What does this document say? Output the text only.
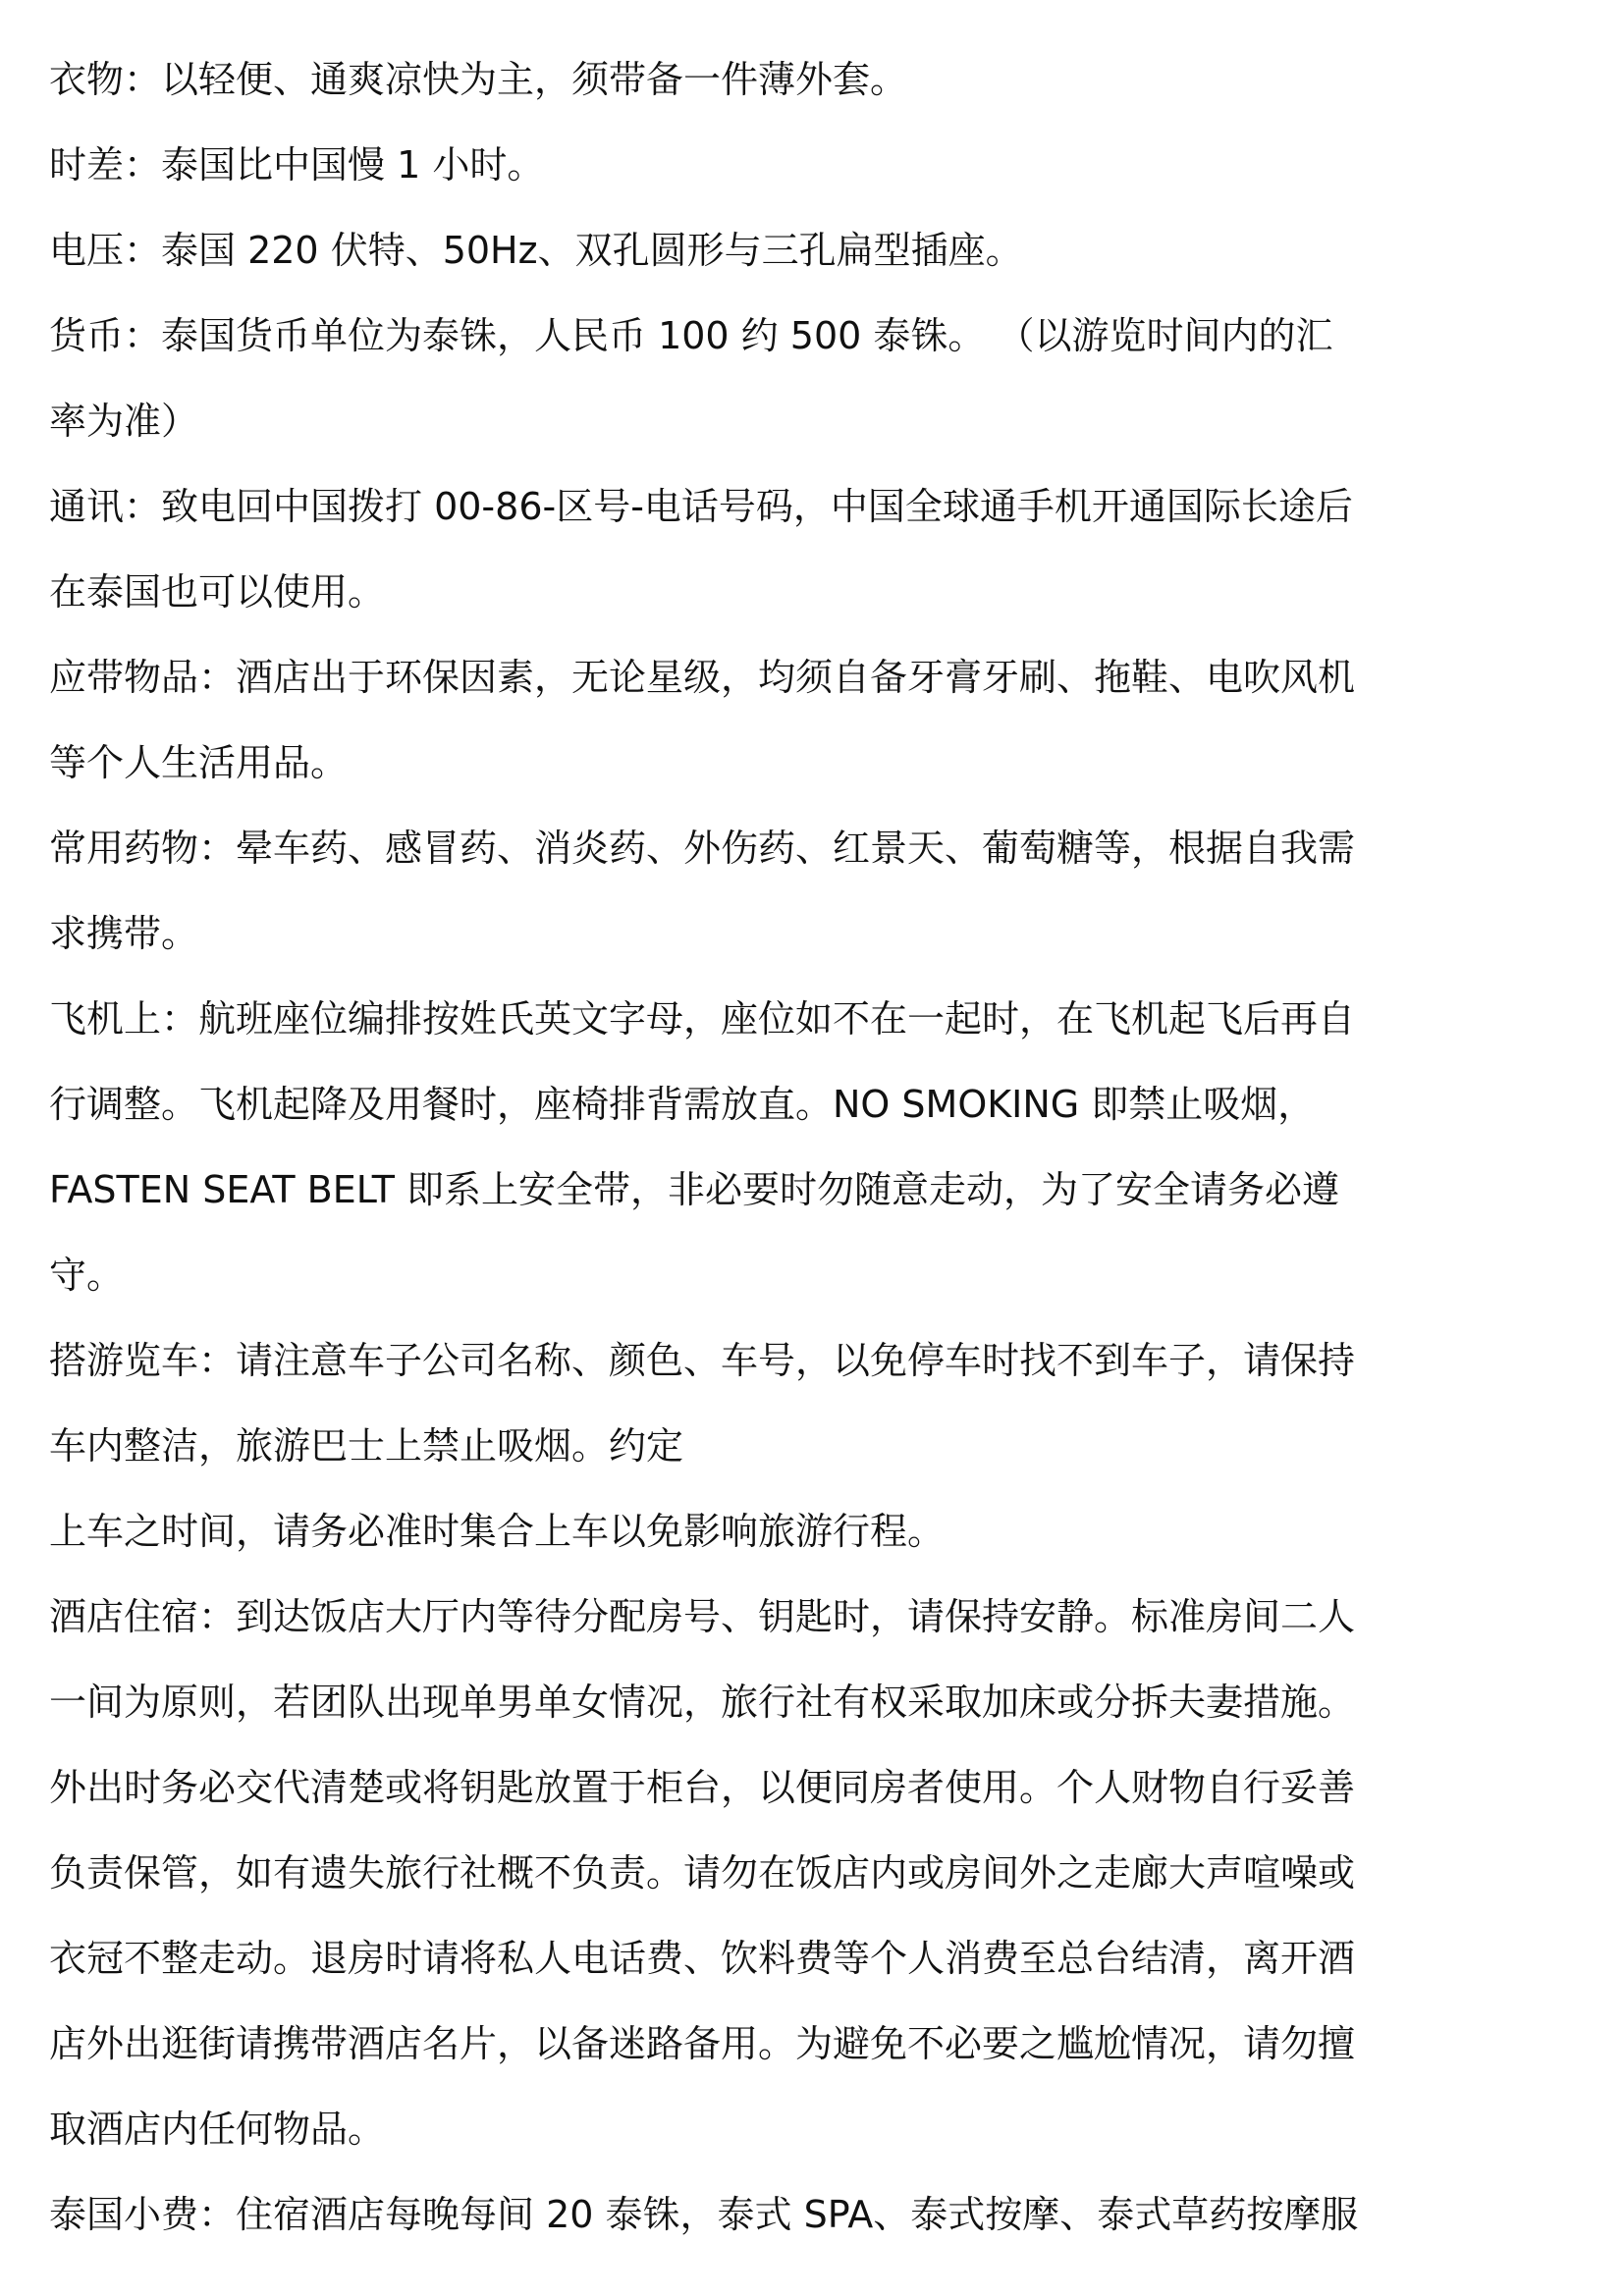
衣物：以轻便、通爽凉快为主，须带备一件薄外套。
时差：泰国比中国慢 1 小时。
电压：泰国 220 伏特、50Hz、双孔圆形与三孔扁型插座。
货币：泰国货币单位为泰铢，人民币 100 约 500 泰铢。 （以游览时间内的汇
率为准）
通讯：致电回中国拨打 00-86-区号-电话号码，中国全球通手机开通国际长途后
在泰国也可以使用。
应带物品：酒店出于环保因素，无论星级，均须自备牙膏牙刷、拖鞋、电吹风机
等个人生活用品。
常用药物：晕车药、感冒药、消炎药、外伤药、红景天、葡萄糖等，根据自我需
求携带。
飞机上：航班座位编排按姓氏英文字母，座位如不在一起时，在飞机起飞后再自
行调整。飞机起降及用餐时，座椅排背需放直。NO SMOKING 即禁止吸烟，
FASTEN SEAT BELT 即系上安全带，非必要时勿随意走动，为了安全请务必遵
守。
搭游览车：请注意车子公司名称、颜色、车号，以免停车时找不到车子，请保持
车内整洁，旅游巴士上禁止吸烟。约定
上车之时间，请务必准时集合上车以免影响旅游行程。
酒店住宿：到达饭店大厅内等待分配房号、钥匙时，请保持安静。标准房间二人
一间为原则，若团队出现单男单女情况，旅行社有权采取加床或分拆夫妻措施。
外出时务必交代清楚或将钥匙放置于柜台，以便同房者使用。个人财物自行妥善
负责保管，如有遗失旅行社概不负责。请勿在饭店内或房间外之走廊大声喧噪或
衣冠不整走动。退房时请将私人电话费、饮料费等个人消费至总台结清，离开酒
店外出逛街请携带酒店名片，以备迷路备用。为避免不必要之尴尬情况，请勿擅
取酒店内任何物品。
泰国小费：住宿酒店每晚每间 20 泰铢，泰式 SPA、泰式按摩、泰式草药按摩服
